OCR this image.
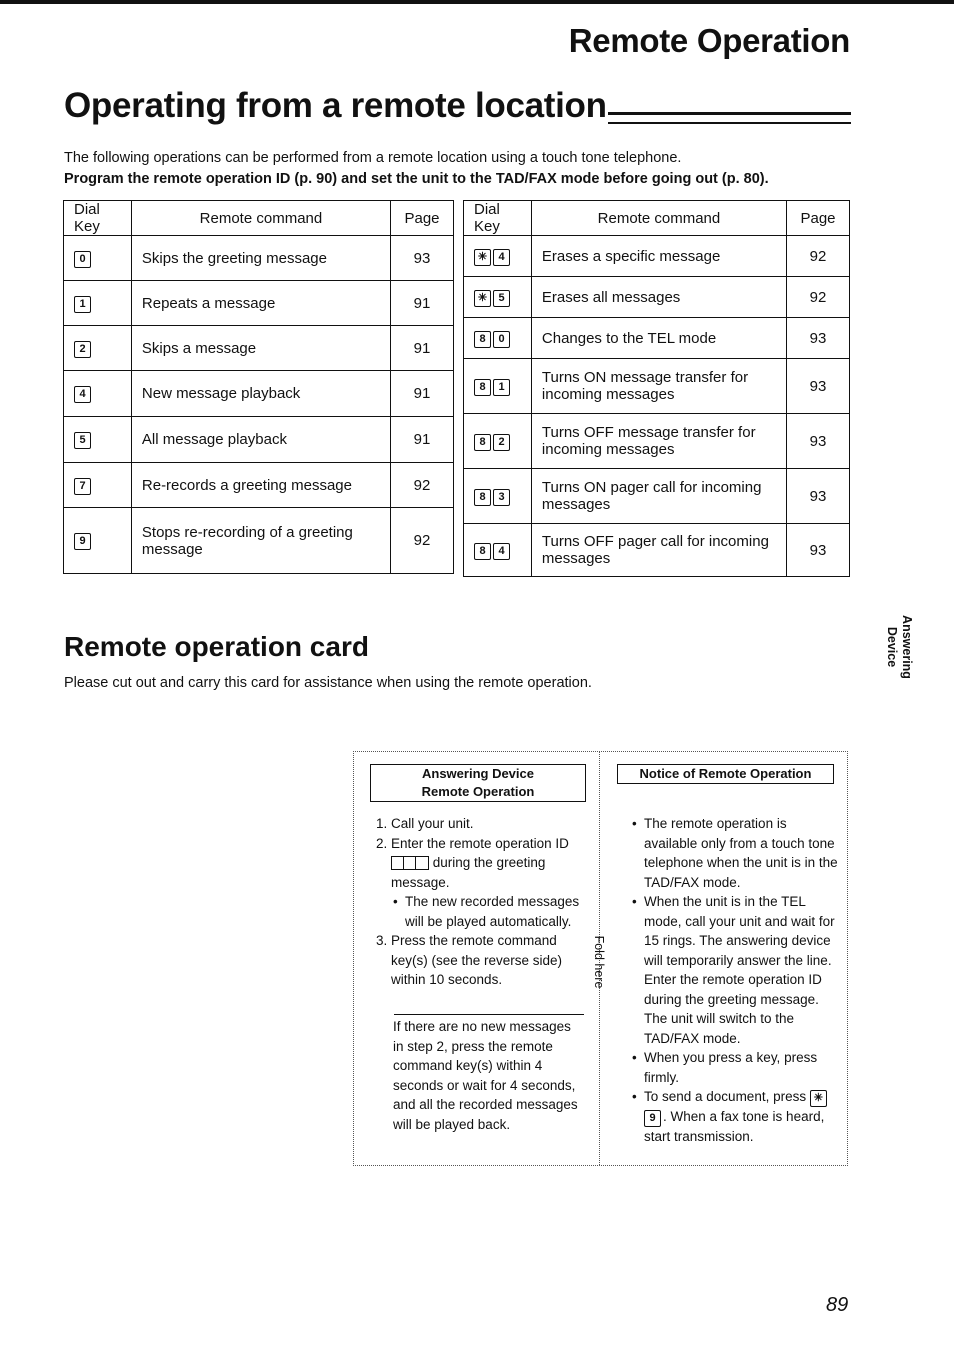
Remote Operation
Operating from a remote location
The following operations can be performed from a remote location using a touch tone telephone.
Program the remote operation ID (p. 90) and set the unit to the TAD/FAX mode before going out (p. 80).
Dial Key	Remote command	Page
0	Skips the greeting message	93
1	Repeats a message	91
2	Skips a message	91
4	New message playback	91
5	All message playback	91
7	Re-records a greeting message	92
9	Stops re-recording of a greeting message	92
Dial Key	Remote command	Page
✳ 4	Erases a specific message	92
✳ 5	Erases all messages	92
8 0	Changes to the TEL mode	93
8 1	Turns ON message transfer for incoming messages	93
8 2	Turns OFF message transfer for incoming messages	93
8 3	Turns ON pager call for incoming messages	93
8 4	Turns OFF pager call for incoming messages	93
Remote operation card
Please cut out and carry this card for assistance when using the remote operation.
Answering
Device
Answering Device
Remote Operation
1. Call your unit.
2. Enter the remote operation ID
during the greeting message.
• The new recorded messages will be played automatically.
3. Press the remote command key(s) (see the reverse side) within 10 seconds.
If there are no new messages in step 2, press the remote command key(s) within 4 seconds or wait for 4 seconds, and all the recorded messages will be played back.
Fold here
Notice of Remote Operation
• The remote operation is available only from a touch tone telephone when the unit is in the TAD/FAX mode.
• When the unit is in the TEL mode, call your unit and wait for 15 rings. The answering device will temporarily answer the line. Enter the remote operation ID during the greeting message. The unit will switch to the TAD/FAX mode.
• When you press a key, press firmly.
• To send a document, press ✳9 . When a fax tone is heard, start transmission.
89
